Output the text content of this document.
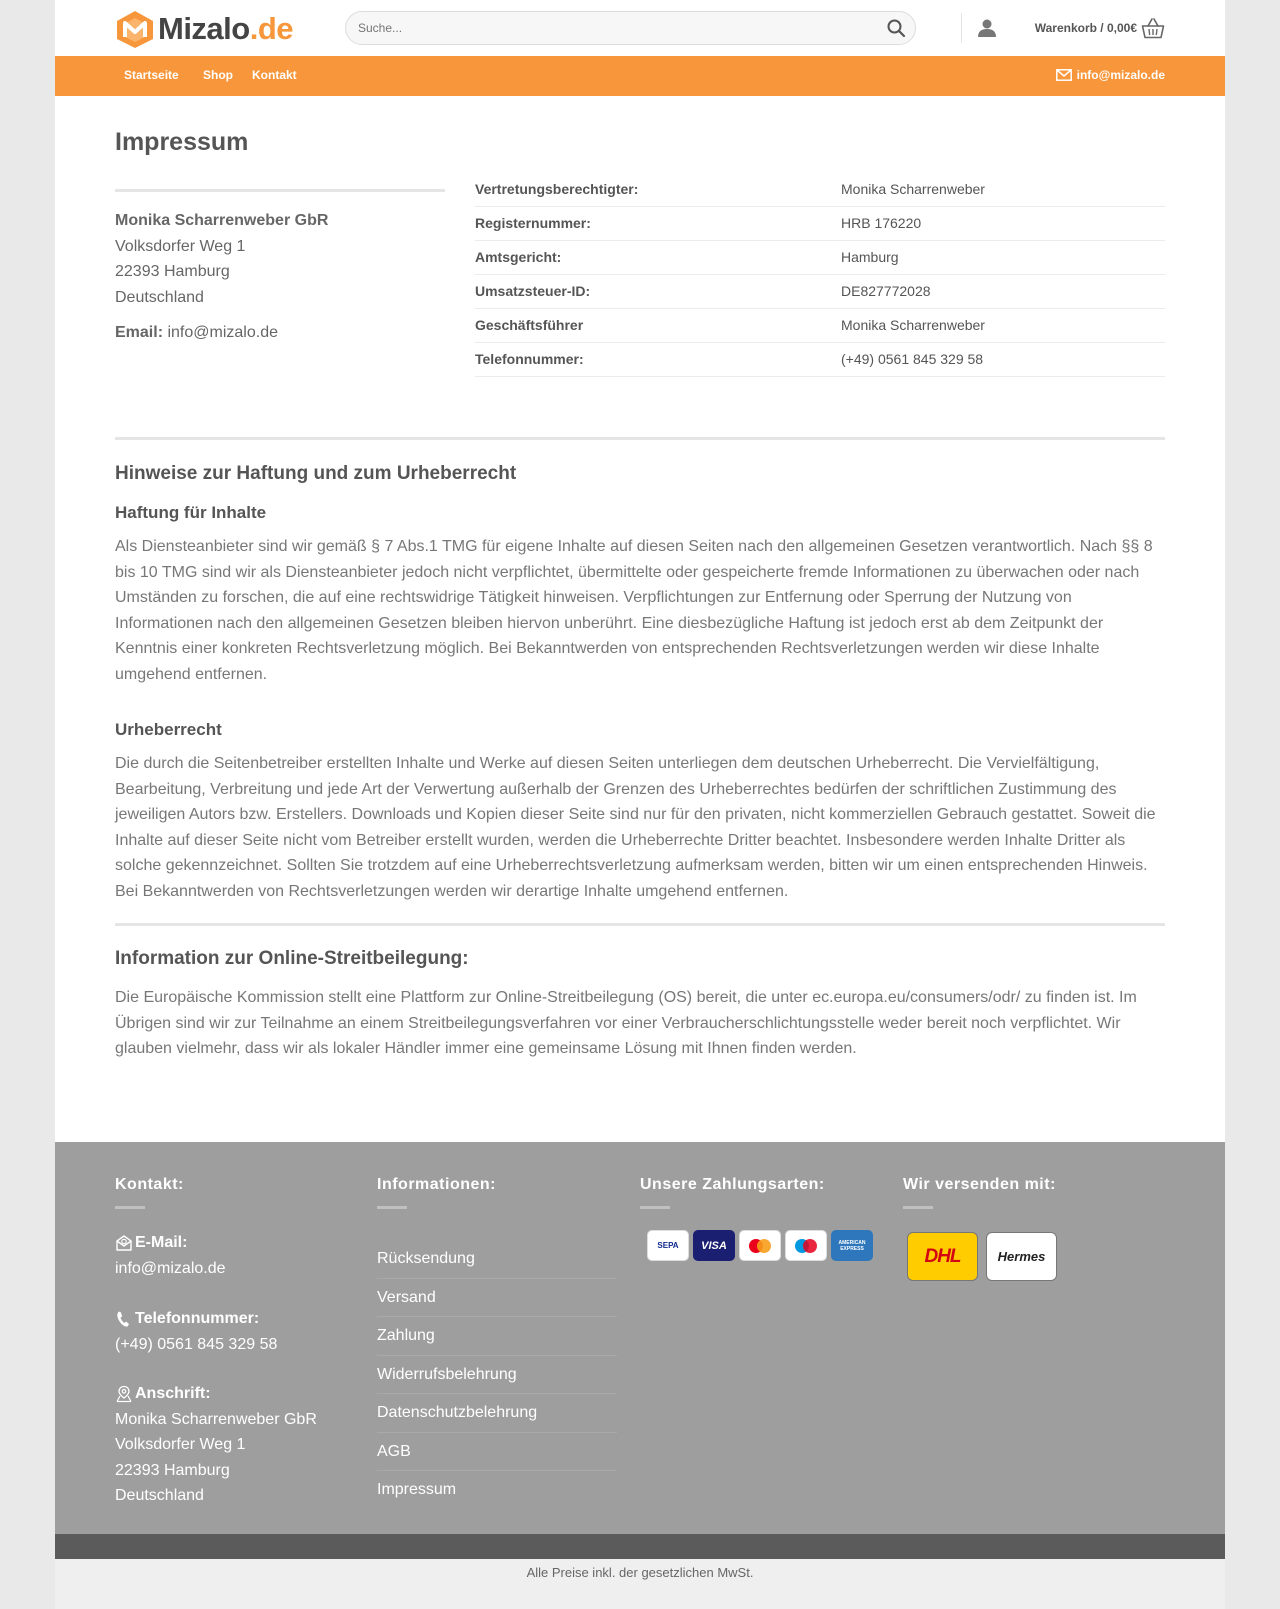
Mizalo.de
Suche...	Warenkorb / 0,00€
Startseite Shop Kontakt	info@mizalo.de
Impressum
Monika Scharrenweber GbR
Volksdorfer Weg 1
22393 Hamburg
Deutschland
Email: info@mizalo.de
Vertretungsberechtigter:	Monika Scharrenweber
Registernummer:	HRB 176220
Amtsgericht:	Hamburg
Umsatzsteuer-ID:	DE827772028
Geschäftsführer	Monika Scharrenweber
Telefonnummer:	(+49) 0561 845 329 58
Hinweise zur Haftung und zum Urheberrecht
Haftung für Inhalte
Als Diensteanbieter sind wir gemäß § 7 Abs.1 TMG für eigene Inhalte auf diesen Seiten nach den allgemeinen Gesetzen verantwortlich. Nach §§ 8 bis 10 TMG sind wir als Diensteanbieter jedoch nicht verpflichtet, übermittelte oder gespeicherte fremde Informationen zu überwachen oder nach Umständen zu forschen, die auf eine rechtswidrige Tätigkeit hinweisen. Verpflichtungen zur Entfernung oder Sperrung der Nutzung von Informationen nach den allgemeinen Gesetzen bleiben hiervon unberührt. Eine diesbezügliche Haftung ist jedoch erst ab dem Zeitpunkt der Kenntnis einer konkreten Rechtsverletzung möglich. Bei Bekanntwerden von entsprechenden Rechtsverletzungen werden wir diese Inhalte umgehend entfernen.
Urheberrecht
Die durch die Seitenbetreiber erstellten Inhalte und Werke auf diesen Seiten unterliegen dem deutschen Urheberrecht. Die Vervielfältigung, Bearbeitung, Verbreitung und jede Art der Verwertung außerhalb der Grenzen des Urheberrechtes bedürfen der schriftlichen Zustimmung des jeweiligen Autors bzw. Erstellers. Downloads und Kopien dieser Seite sind nur für den privaten, nicht kommerziellen Gebrauch gestattet. Soweit die Inhalte auf dieser Seite nicht vom Betreiber erstellt wurden, werden die Urheberrechte Dritter beachtet. Insbesondere werden Inhalte Dritter als solche gekennzeichnet. Sollten Sie trotzdem auf eine Urheberrechtsverletzung aufmerksam werden, bitten wir um einen entsprechenden Hinweis. Bei Bekanntwerden von Rechtsverletzungen werden wir derartige Inhalte umgehend entfernen.
Information zur Online-Streitbeilegung:
Die Europäische Kommission stellt eine Plattform zur Online-Streitbeilegung (OS) bereit, die unter ec.europa.eu/consumers/odr/ zu finden ist. Im Übrigen sind wir zur Teilnahme an einem Streitbeilegungsverfahren vor einer Verbraucherschlichtungsstelle weder bereit noch verpflichtet. Wir glauben vielmehr, dass wir als lokaler Händler immer eine gemeinsame Lösung mit Ihnen finden werden.
Kontakt:
E-Mail:
info@mizalo.de
Telefonnummer:
(+49) 0561 845 329 58
Anschrift:
Monika Scharrenweber GbR
Volksdorfer Weg 1
22393 Hamburg
Deutschland
Informationen:
Rücksendung
Versand
Zahlung
Widerrufsbelehrung
Datenschutzbelehrung
AGB
Impressum
Unsere Zahlungsarten:
SEPA VISA	AMERICAN EXPRESS
Wir versenden mit:
DHL	Hermes
Alle Preise inkl. der gesetzlichen MwSt.
